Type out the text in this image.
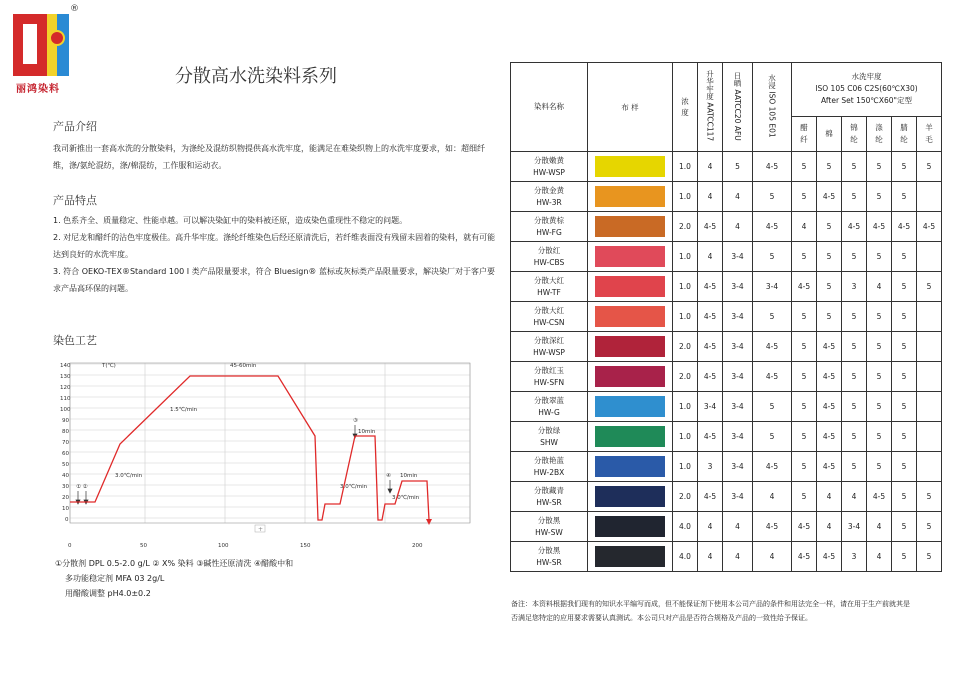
®
丽鸿染料
分散高水洗染料系列
产品介绍
我司新推出一套高水洗的分散染料，为涤纶及混纺织物提供高水洗牢度，能满足在难染织物上的水洗牢度要求，如：超细纤维，涤/氨纶混纺，涤/棉混纺，工作服和运动衣。
产品特点
1. 色系齐全、质量稳定、性能卓越。可以解决染缸中的染料被还原，造成染色重现性不稳定的问题。
2. 对尼龙和醋纤的沾色牢度极佳。高升华牢度。涤纶纤维染色后经还原清洗后，若纤维表面没有残留未固着的染料，就有可能达到良好的水洗牢度。
3. 符合 OEKO-TEX®Standard 100 I 类产品限量要求，符合 Bluesign® 蓝标或灰标类产品限量要求，解决染厂对于客户要求产品高环保的问题。
染色工艺
140
130
120
110
100
90
80
70
60
50
40
30
20
10
0
0	50	100	150	200
T(℃)	45-60min
1.5℃/min
3.0℃/min
3.0℃/min
3.0℃/min
10min
10min
① ②
③
④
+
①分散剂 DPL 0.5-2.0 g/L ② X% 染料 ③碱性还原清洗 ④醋酸中和
多功能稳定剂 MFA 03 2g/L
用醋酸调整 pH4.0±0.2
染料名称	布 样	浓度	升华牢度 AATCC117	日晒 AATCC20 AFU	水浸 ISO 105 E01	水洗牢度
ISO 105 C06 C2S(60℃X30)
After Set 150℃X60"定型					

						醋纤	棉	锦纶	涤纶	腈纶	羊毛

分散嫩黄
HW-WSP		1.0	4	5	4-5	5	5	5	5	5	5

分散金黄
HW-3R		1.0	4	4	5	5	4-5	5	5	5	

分散黄棕
HW-FG		2.0	4-5	4	4-5	4	5	4-5	4-5	4-5	4-5

分散红
HW-CBS		1.0	4	3-4	5	5	5	5	5	5	

分散大红
HW-TF		1.0	4-5	3-4	3-4	4-5	5	3	4	5	5

分散大红
HW-CSN		1.0	4-5	3-4	5	5	5	5	5	5	

分散深红
HW-WSP		2.0	4-5	3-4	4-5	5	4-5	5	5	5	

分散红玉
HW-SFN		2.0	4-5	3-4	4-5	5	4-5	5	5	5	

分散翠蓝
HW-G		1.0	3-4	3-4	5	5	4-5	5	5	5	

分散绿
SHW		1.0	4-5	3-4	5	5	4-5	5	5	5	

分散艳蓝
HW-2BX		1.0	3	3-4	4-5	5	4-5	5	5	5	

分散藏青
HW-SR		2.0	4-5	3-4	4	5	4	4	4-5	5	5

分散黑
HW-SW		4.0	4	4	4-5	4-5	4	3-4	4	5	5

分散黑
HW-SR		4.0	4	4	4	4-5	4-5	3	4	5	5
备注：本资料根据我们现有的知识水平编写而成，但不能保证剂下使用本公司产品的条件和用法完全一样，请在用于生产前就其是否满足您特定的应用要求需要认真测试。本公司只对产品是否符合规格及产品的一致性给予保证。
